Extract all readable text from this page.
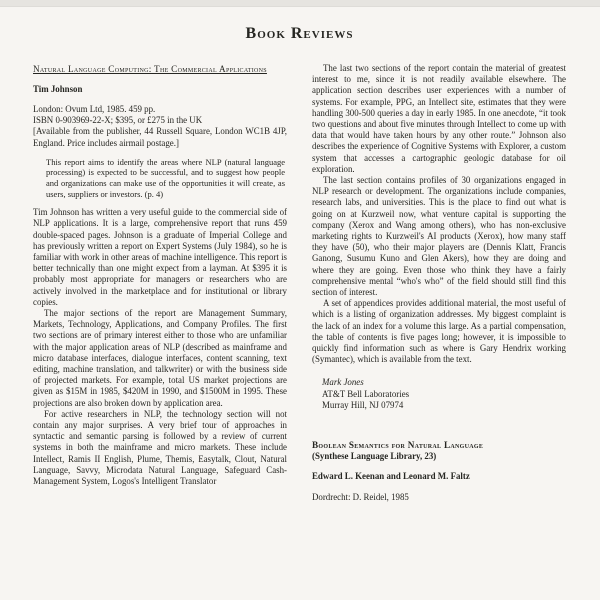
Book Reviews
Natural Language Computing: The Commercial Applications

Tim Johnson

London: Ovum Ltd, 1985. 459 pp.

ISBN 0-903969-22-X; $395, or £275 in the UK

[Available from the publisher, 44 Russell Square, London WC1B 4JP, England. Price includes airmail postage.]

This report aims to identify the areas where NLP (natural language processing) is expected to be successful, and to suggest how people and organizations can make use of the opportunities it will create, as users, suppliers or investors. (p. 4)

Tim Johnson has written a very useful guide to the commercial side of NLP applications. It is a large, comprehensive report that runs 459 double-spaced pages. Johnson is a graduate of Imperial College and has previously written a report on Expert Systems (July 1984), so he is familiar with work in other areas of machine intelligence. This report is better technically than one might expect from a layman. At $395 it is probably most appropriate for managers or researchers who are actively involved in the marketplace and for institutional or library copies.

The major sections of the report are Management Summary, Markets, Technology, Applications, and Company Profiles. The first two sections are of primary interest either to those who are unfamiliar with the major application areas of NLP (described as mainframe and micro database interfaces, dialogue interfaces, content scanning, text editing, machine translation, and talkwriter) or with the business side of projected markets. For example, total US market projections are given as $15M in 1985, $420M in 1990, and $1500M in 1995. These projections are also broken down by application area.

For active researchers in NLP, the technology section will not contain any major surprises. A very brief tour of approaches in syntactic and semantic parsing is followed by a review of current systems in both the mainframe and micro markets. These include Intellect, Ramis II English, Plume, Themis, Easytalk, Clout, Natural Language, Savvy, Microdata Natural Language, Safeguard Cash-Management System, Logos's Intelligent Translator

The last two sections of the report contain the material of greatest interest to me, since it is not readily available elsewhere. The application section describes user experiences with a number of systems. For example, PPG, an Intellect site, estimates that they were handling 300-500 queries a day in early 1985. In one anecdote, “it took two questions and about five minutes through Intellect to come up with data that would have taken hours by any other route.” Johnson also describes the experience of Cognitive Systems with Explorer, a custom system that accesses a cartographic geologic database for oil exploration.

The last section contains profiles of 30 organizations engaged in NLP research or development. The organizations include companies, research labs, and universities. This is the place to find out what is going on at Kurzweil now, what venture capital is supporting the company (Xerox and Wang among others), who has non-exclusive marketing rights to Kurzweil's AI products (Xerox), how many staff they have (50), who their major players are (Dennis Klatt, Francis Ganong, Susumu Kuno and Glen Akers), how they are doing and where they are going. Even those who think they have a fairly comprehensive mental “who's who” of the field should still find this section of interest.

A set of appendices provides additional material, the most useful of which is a listing of organization addresses. My biggest complaint is the lack of an index for a volume this large. As a partial compensation, the table of contents is five pages long; however, it is impossible to quickly find information such as where is Gary Hendrix working (Symantec), which is available from the text.

Mark Jones

AT&T Bell Laboratories

Murray Hill, NJ 07974

Boolean Semantics for Natural Language

(Synthese Language Library, 23)

Edward L. Keenan and Leonard M. Faltz

Dordrecht: D. Reidel, 1985
